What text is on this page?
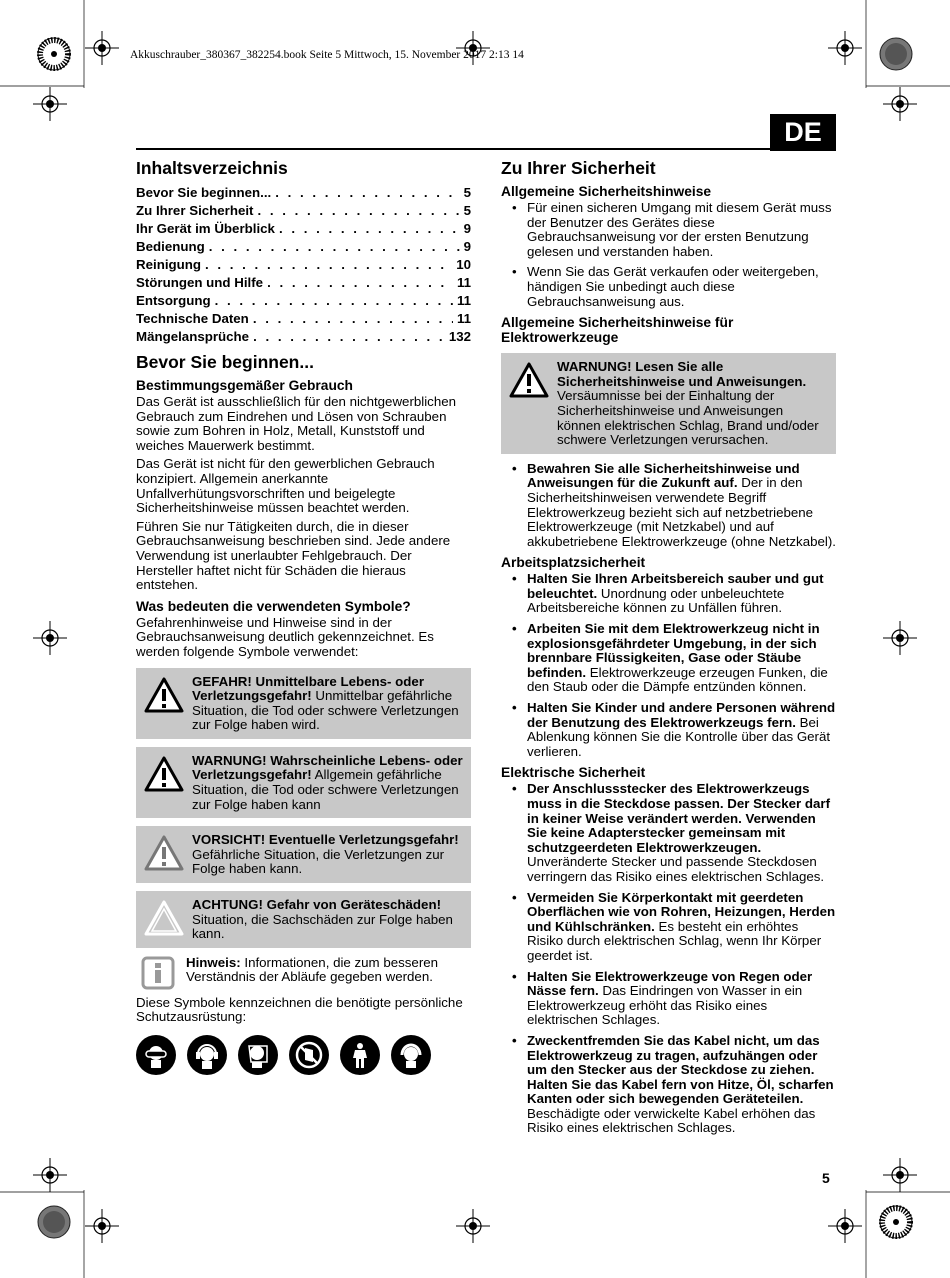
Akkuschrauber_380367_382254.book Seite 5 Mittwoch, 15. November 2017 2:13 14
DE
Inhaltsverzeichnis
Bevor Sie beginnen... . . .	5
Zu Ihrer Sicherheit . . .	5
Ihr Gerät im Überblick . . .	9
Bedienung . . .	9
Reinigung . . .	10
Störungen und Hilfe . . .	11
Entsorgung . . .	11
Technische Daten . . .	11
Mängelansprüche . . .	132
Bevor Sie beginnen...
Bestimmungsgemäßer Gebrauch

Das Gerät ist ausschließlich für den nichtgewerblichen Gebrauch zum Eindrehen und Lösen von Schrauben sowie zum Bohren in Holz, Metall, Kunststoff und weiches Mauerwerk bestimmt.

Das Gerät ist nicht für den gewerblichen Gebrauch konzipiert. Allgemein anerkannte Unfallverhütungsvorschriften und beigelegte Sicherheitshinweise müssen beachtet werden.

Führen Sie nur Tätigkeiten durch, die in dieser Gebrauchsanweisung beschrieben sind. Jede andere Verwendung ist unerlaubter Fehlgebrauch. Der Hersteller haftet nicht für Schäden die hieraus entstehen.

Was bedeuten die verwendeten Symbole?

Gefahrenhinweise und Hinweise sind in der Gebrauchsanweisung deutlich gekennzeichnet. Es werden folgende Symbole verwendet:

GEFAHR! Unmittelbare Lebens- oder Verletzungsgefahr! Unmittelbar gefährliche Situation, die Tod oder schwere Verletzungen zur Folge haben wird.
WARNUNG! Wahrscheinliche Lebens- oder Verletzungsgefahr! Allgemein gefährliche Situation, die Tod oder schwere Verletzungen zur Folge haben kann
VORSICHT! Eventuelle Verletzungsgefahr! Gefährliche Situation, die Verletzungen zur Folge haben kann.
ACHTUNG! Gefahr von Geräteschäden! Situation, die Sachschäden zur Folge haben kann.
Hinweis: Informationen, die zum besseren Verständnis der Abläufe gegeben werden.

Diese Symbole kennzeichnen die benötigte persönliche Schutzausrüstung:

Zu Ihrer Sicherheit
Allgemeine Sicherheitshinweise
• Für einen sicheren Umgang mit diesem Gerät muss der Benutzer des Gerätes diese Gebrauchsanweisung vor der ersten Benutzung gelesen und verstanden haben.
• Wenn Sie das Gerät verkaufen oder weitergeben, händigen Sie unbedingt auch diese Gebrauchsanweisung aus.
Allgemeine Sicherheitshinweise für Elektrowerkzeuge
WARNUNG! Lesen Sie alle Sicherheitshinweise und Anweisungen. Versäumnisse bei der Einhaltung der Sicherheitshinweise und Anweisungen können elektrischen Schlag, Brand und/oder schwere Verletzungen verursachen.
• Bewahren Sie alle Sicherheitshinweise und Anweisungen für die Zukunft auf. Der in den Sicherheitshinweisen verwendete Begriff Elektrowerkzeug bezieht sich auf netzbetriebene Elektrowerkzeuge (mit Netzkabel) und auf akkubetriebene Elektrowerkzeuge (ohne Netzkabel).
Arbeitsplatzsicherheit
• Halten Sie Ihren Arbeitsbereich sauber und gut beleuchtet. Unordnung oder unbeleuchtete Arbeitsbereiche können zu Unfällen führen.
• Arbeiten Sie mit dem Elektrowerkzeug nicht in explosionsgefährdeter Umgebung, in der sich brennbare Flüssigkeiten, Gase oder Stäube befinden. Elektrowerkzeuge erzeugen Funken, die den Staub oder die Dämpfe entzünden können.
• Halten Sie Kinder und andere Personen während der Benutzung des Elektrowerkzeugs fern. Bei Ablenkung können Sie die Kontrolle über das Gerät verlieren.
Elektrische Sicherheit
• Der Anschlussstecker des Elektrowerkzeugs muss in die Steckdose passen. Der Stecker darf in keiner Weise verändert werden. Verwenden Sie keine Adapterstecker gemeinsam mit schutzgeerdeten Elektrowerkzeugen. Unveränderte Stecker und passende Steckdosen verringern das Risiko eines elektrischen Schlages.
• Vermeiden Sie Körperkontakt mit geerdeten Oberflächen wie von Rohren, Heizungen, Herden und Kühlschränken. Es besteht ein erhöhtes Risiko durch elektrischen Schlag, wenn Ihr Körper geerdet ist.
• Halten Sie Elektrowerkzeuge von Regen oder Nässe fern. Das Eindringen von Wasser in ein Elektrowerkzeug erhöht das Risiko eines elektrischen Schlages.
• Zweckentfremden Sie das Kabel nicht, um das Elektrowerkzeug zu tragen, aufzuhängen oder um den Stecker aus der Steckdose zu ziehen. Halten Sie das Kabel fern von Hitze, Öl, scharfen Kanten oder sich bewegenden Geräteteilen. Beschädigte oder verwickelte Kabel erhöhen das Risiko eines elektrischen Schlages.
5
